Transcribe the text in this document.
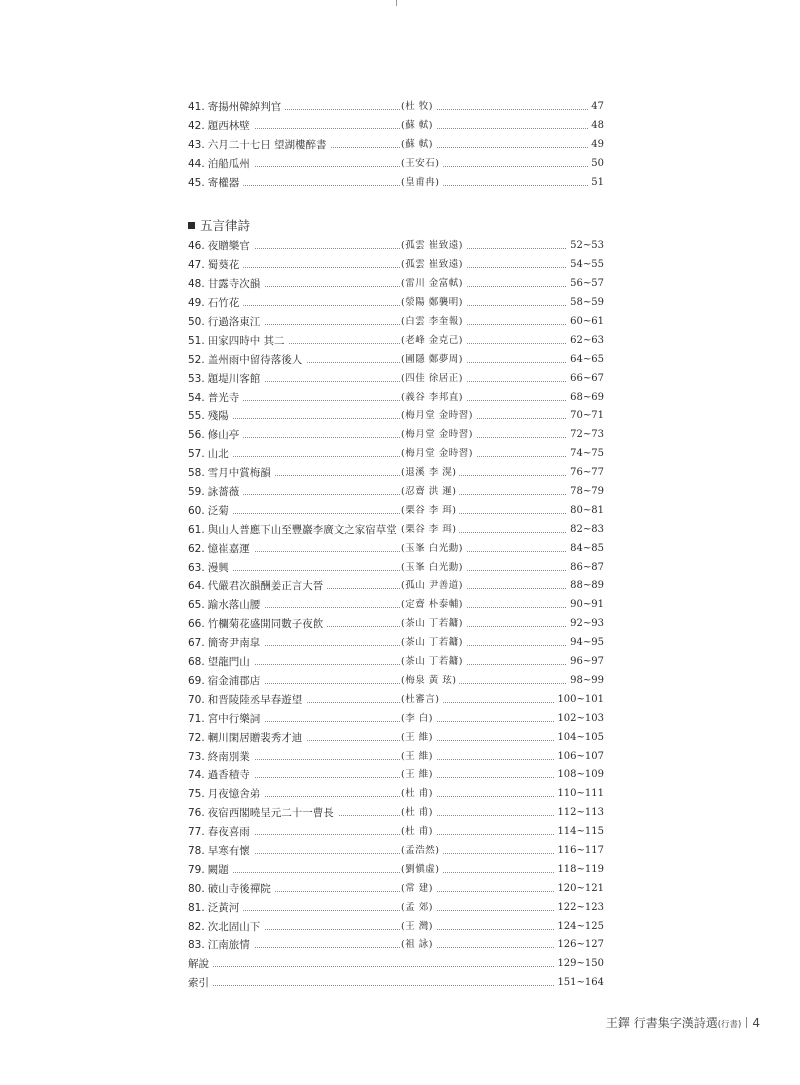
41. 寄揚州韓綽判官	(杜 牧)	47
42. 題西林壁	(蘇 軾)	48
43. 六月二十七日 望湖樓醉書	(蘇 軾)	49
44. 泊船瓜州	(王安石)	50
45. 寄權器	(皇甫冉)	51
五言律詩
46. 夜贈樂官	(孤雲 崔致遠)	52~53
47. 蜀葵花	(孤雲 崔致遠)	54~55
48. 甘露寺次韻	(雷川 金富軾)	56~57
49. 石竹花	(滎陽 鄭襲明)	58~59
50. 行過洛東江	(白雲 李奎報)	60~61
51. 田家四時中 其二	(老峰 金克己)	62~63
52. 盖州雨中留待落後人	(圃隱 鄭夢周)	64~65
53. 題堤川客館	(四佳 徐居正)	66~67
54. 普光寺	(義谷 李邦直)	68~69
55. 殘陽	(梅月堂 金時習)	70~71
56. 修山亭	(梅月堂 金時習)	72~73
57. 山北	(梅月堂 金時習)	74~75
58. 雪月中賞梅韻	(退溪 李 滉)	76~77
59. 詠薔薇	(忍齋 洪 暹)	78~79
60. 泛菊	(栗谷 李 珥)	80~81
61. 與山人普應下山至豐巖李廣文之家宿草堂 (栗谷 李 珥)	82~83
62. 憶崔嘉運	(玉峯 白光勳)	84~85
63. 漫興	(玉峯 白光勳)	86~87
64. 代嚴君次韻酬姜正言大晉	(孤山 尹善道)	88~89
65. 踰水落山腰	(定齋 朴泰輔)	90~91
66. 竹欄菊花盛開同數子夜飮	(茶山 丁若鏞)	92~93
67. 簡寄尹南皐	(茶山 丁若鏞)	94~95
68. 望龍門山	(茶山 丁若鏞)	96~97
69. 宿金浦郡店	(梅泉 黃 玹)	98~99
70. 和晋陵陸丞早春遊望	(杜審言)	100~101
71. 宮中行樂詞	(李 白)	102~103
72. 輞川閑居贈裴秀才迪	(王 維)	104~105
73. 終南別業	(王 維)	106~107
74. 過香積寺	(王 維)	108~109
75. 月夜憶舍弟	(杜 甫)	110~111
76. 夜宿西閣曉呈元二十一曹長	(杜 甫)	112~113
77. 春夜喜雨	(杜 甫)	114~115
78. 早寒有懷	(孟浩然)	116~117
79. 闕題	(劉愼虛)	118~119
80. 破山寺後禪院	(常 建)	120~121
81. 泛黃河	(孟 郊)	122~123
82. 次北固山下	(王 灣)	124~125
83. 江南旅情	(祖 詠)	126~127
解說	129~150
索引	151~164
王鐸 行書集字漢詩選(行書) 4
